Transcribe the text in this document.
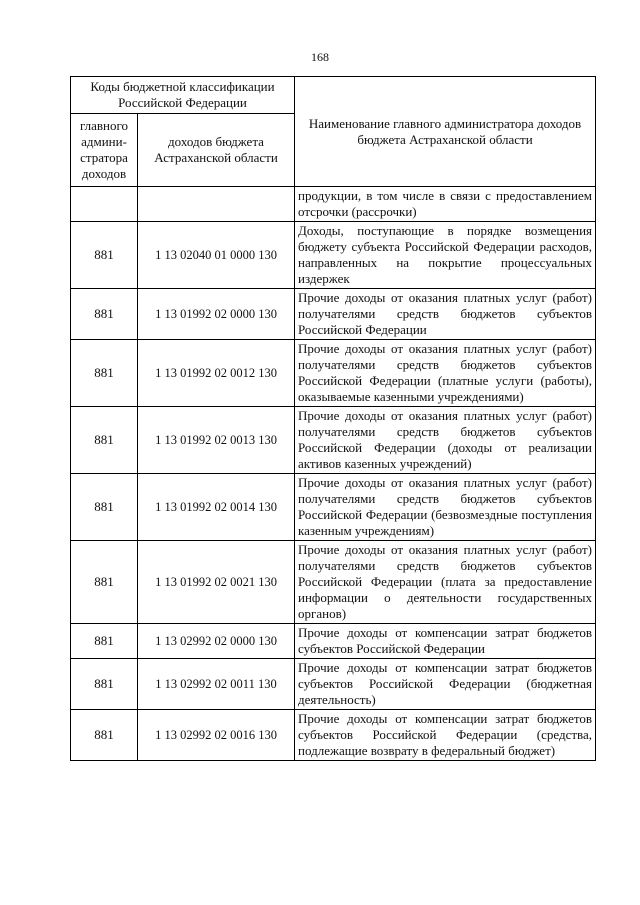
168
Коды бюджетной классификации Российской Федерации		Наименование главного администратора доходов бюджета Астраханской области
главного админи-стратора доходов	доходов бюджета Астраханской области	
		продукции, в том числе в связи с предоставлением отсрочки (рассрочки)
881	1 13 02040 01 0000 130	Доходы, поступающие в порядке возмещения бюджету субъекта Российской Федерации расходов, направленных на покрытие процессуальных издержек
881	1 13 01992 02 0000 130	Прочие доходы от оказания платных услуг (работ) получателями средств бюджетов субъектов Российской Федерации
881	1 13 01992 02 0012 130	Прочие доходы от оказания платных услуг (работ) получателями средств бюджетов субъектов Российской Федерации (платные услуги (работы), оказываемые казенными учреждениями)
881	1 13 01992 02 0013 130	Прочие доходы от оказания платных услуг (работ) получателями средств бюджетов субъектов Российской Федерации (доходы от реализации активов казенных учреждений)
881	1 13 01992 02 0014 130	Прочие доходы от оказания платных услуг (работ) получателями средств бюджетов субъектов Российской Федерации (безвозмездные поступления казенным учреждениям)
881	1 13 01992 02 0021 130	Прочие доходы от оказания платных услуг (работ) получателями средств бюджетов субъектов Российской Федерации (плата за предоставление информации о деятельности государственных органов)
881	1 13 02992 02 0000 130	Прочие доходы от компенсации затрат бюджетов субъектов Российской Федерации
881	1 13 02992 02 0011 130	Прочие доходы от компенсации затрат бюджетов субъектов Российской Федерации (бюджетная деятельность)
881	1 13 02992 02 0016 130	Прочие доходы от компенсации затрат бюджетов субъектов Российской Федерации (средства, подлежащие возврату в федеральный бюджет)
